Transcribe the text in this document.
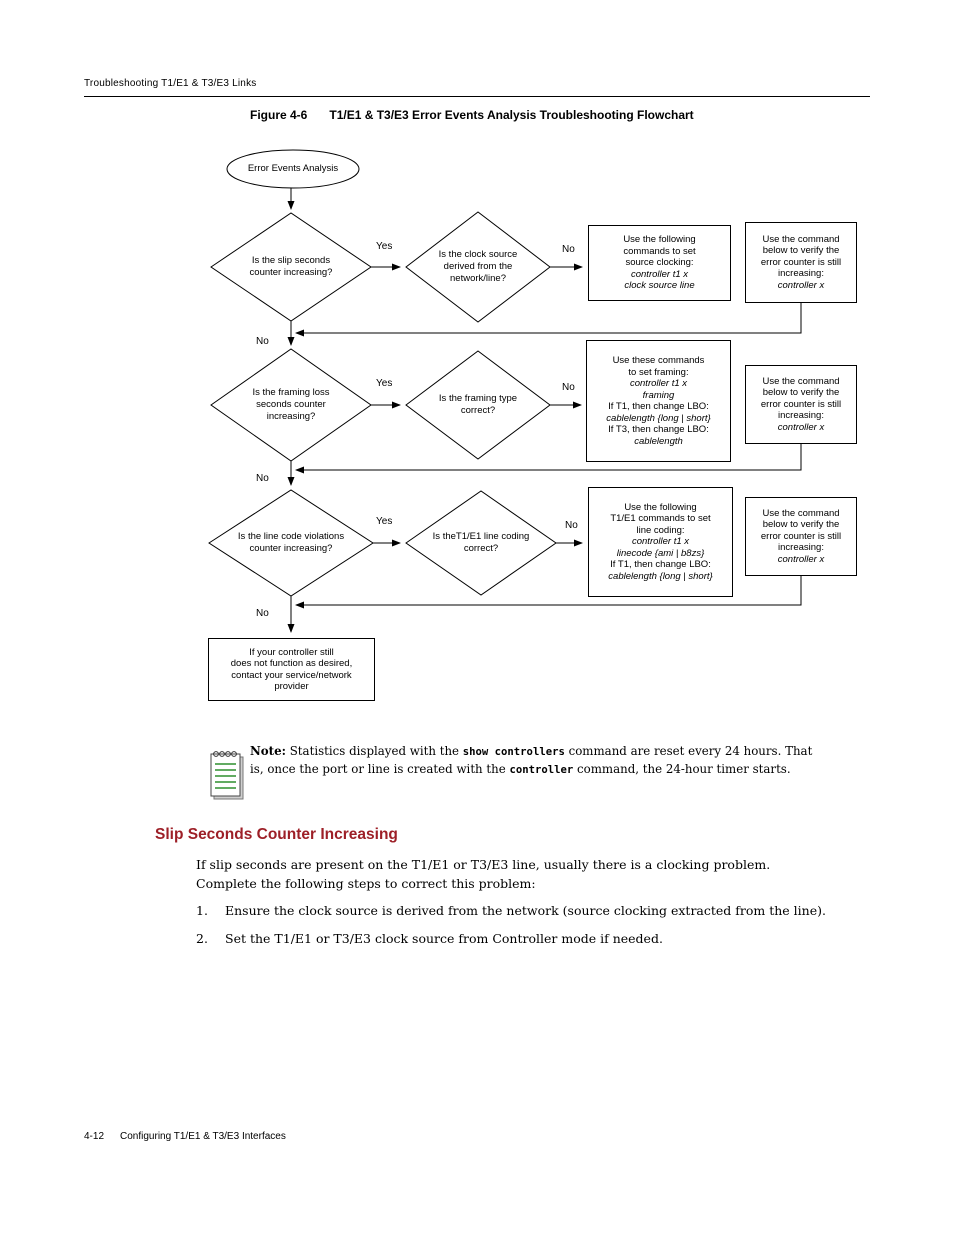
Troubleshooting T1/E1 & T3/E3 Links
Figure 4-6 T1/E1 & T3/E3 Error Events Analysis Troubleshooting Flowchart
Error Events Analysis
Is the slip seconds
counter increasing?
Is the clock source
derived from the
network/line?
Is the framing loss
seconds counter
increasing?
Is the framing type
correct?
Is the line code violations
counter increasing?
Is theT1/E1 line coding
correct?
Yes	No
No
Yes	No
No
Yes	No
No
Use the following
commands to set
source clocking:
controller t1 x
clock source line
Use the command
below to verify the
error counter is still
increasing:
controller x
Use these commands
to set framing:
controller t1 x
framing
If T1, then change LBO:
cablelength {long | short}
If T3, then change LBO:
cablelength
Use the command
below to verify the
error counter is still
increasing:
controller x
Use the following
T1/E1 commands to set
line coding:
controller t1 x
linecode {ami | b8zs}
If T1, then change LBO:
cablelength {long | short}
Use the command
below to verify the
error counter is still
increasing:
controller x
If your controller still
does not function as desired,
contact your service/network
provider
Note: Statistics displayed with the show controllers command are reset every 24 hours. That
is, once the port or line is created with the controller command, the 24-hour timer starts.
Slip Seconds Counter Increasing
If slip seconds are present on the T1/E1 or T3/E3 line, usually there is a clocking problem.
Complete the following steps to correct this problem:
1. Ensure the clock source is derived from the network (source clocking extracted from the line).
2. Set the T1/E1 or T3/E3 clock source from Controller mode if needed.
4-12 Configuring T1/E1 & T3/E3 Interfaces
